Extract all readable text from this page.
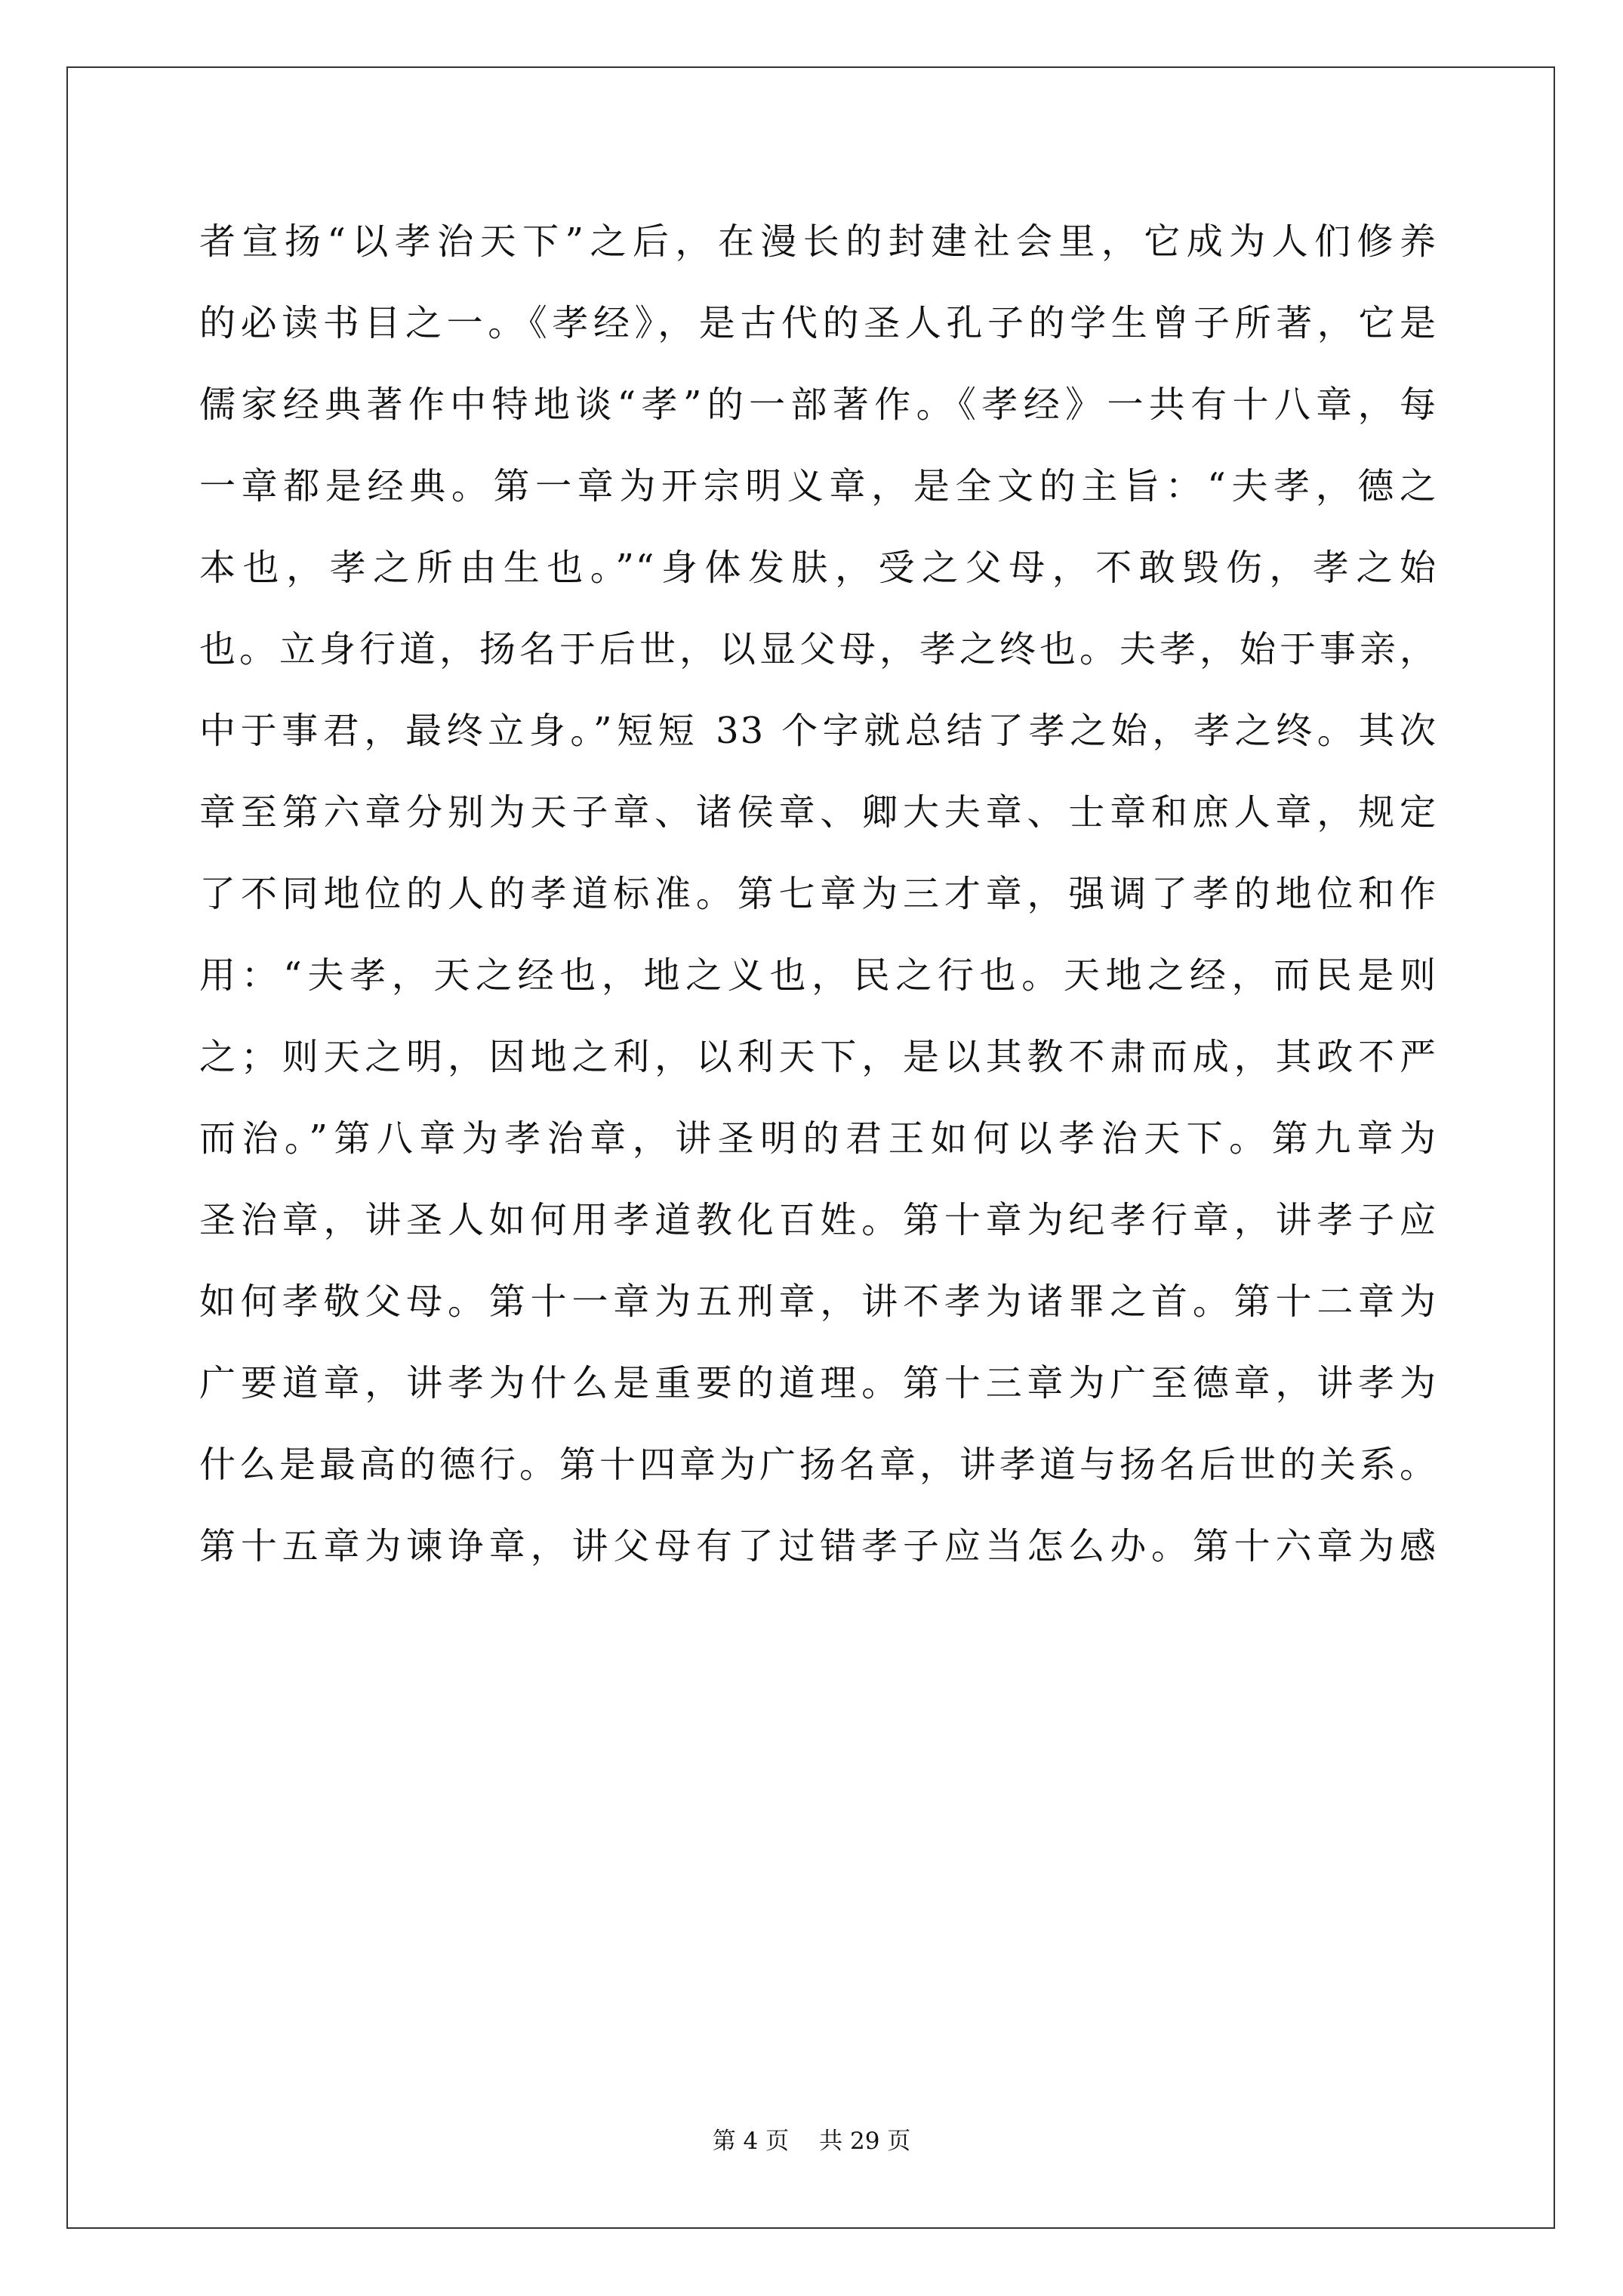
者宣扬“以孝治天下”之后，在漫长的封建社会里，它成为人们修养
的必读书目之一。《孝经》，是古代的圣人孔子的学生曾子所著，它是
儒家经典著作中特地谈“孝”的一部著作。《孝经》一共有十八章，每
一章都是经典。第一章为开宗明义章，是全文的主旨：“夫孝，德之
本也，孝之所由生也。”“身体发肤，受之父母，不敢毁伤，孝之始
也。立身行道，扬名于后世，以显父母，孝之终也。夫孝，始于事亲，
中于事君，最终立身。”短短 33 个字就总结了孝之始，孝之终。其次
章至第六章分别为天子章、诸侯章、卿大夫章、士章和庶人章，规定
了不同地位的人的孝道标准。第七章为三才章，强调了孝的地位和作
用：“夫孝，天之经也，地之义也，民之行也。天地之经，而民是则
之；则天之明，因地之利，以利天下，是以其教不肃而成，其政不严
而治。”第八章为孝治章，讲圣明的君王如何以孝治天下。第九章为
圣治章，讲圣人如何用孝道教化百姓。第十章为纪孝行章，讲孝子应
如何孝敬父母。第十一章为五刑章，讲不孝为诸罪之首。第十二章为
广要道章，讲孝为什么是重要的道理。第十三章为广至德章，讲孝为
什么是最高的德行。第十四章为广扬名章，讲孝道与扬名后世的关系。
第十五章为谏诤章，讲父母有了过错孝子应当怎么办。第十六章为感
第 4 页 共 29 页
